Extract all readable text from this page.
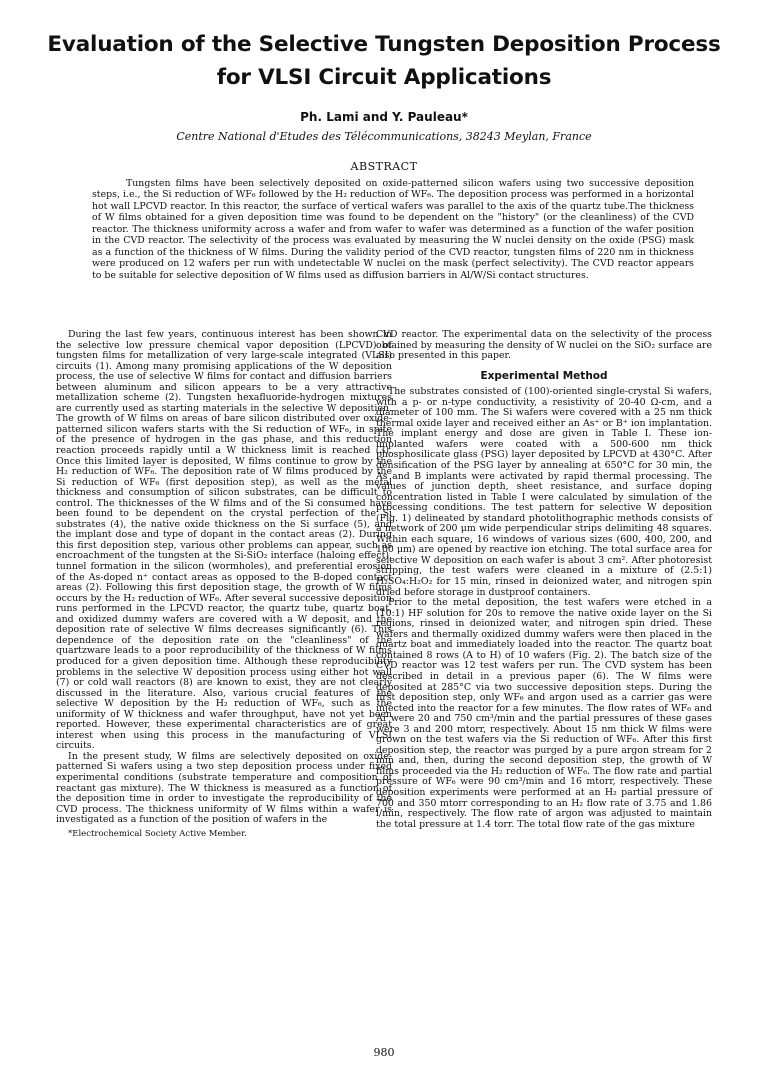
Evaluation of the Selective Tungsten Deposition Process for VLSI Circuit Applications
Ph. Lami and Y. Pauleau*
Centre National d'Etudes des Télécommunications, 38243 Meylan, France
ABSTRACT

Tungsten films have been selectively deposited on oxide-patterned silicon wafers using two successive deposition steps, i.e., the Si reduction of WF₆ followed by the H₂ reduction of WF₆. The deposition process was performed in a horizontal hot wall LPCVD reactor. In this reactor, the surface of vertical wafers was parallel to the axis of the quartz tube.The thickness of W films obtained for a given deposition time was found to be dependent on the "history" (or the cleanliness) of the CVD reactor. The thickness uniformity across a wafer and from wafer to wafer was determined as a function of the wafer position in the CVD reactor. The selectivity of the process was evaluated by measuring the W nuclei density on the oxide (PSG) mask as a function of the thickness of W films. During the validity period of the CVD reactor, tungsten films of 220 nm in thickness were produced on 12 wafers per run with undetectable W nuclei on the mask (perfect selectivity). The CVD reactor appears to be suitable for selective deposition of W films used as diffusion barriers in Al/W/Si contact structures.

During the last few years, continuous interest has been shown in the selective low pressure chemical vapor deposition (LPCVD) of tungsten films for metallization of very large-scale integrated (VLSI) circuits (1). Among many promising applications of the W deposition process, the use of selective W films for contact and diffusion barriers between aluminum and silicon appears to be a very attractive metallization scheme (2). Tungsten hexafluoride-hydrogen mixtures are currently used as starting materials in the selective W deposition. The growth of W films on areas of bare silicon distributed over oxide-patterned silicon wafers starts with the Si reduction of WF₆, in spite of the presence of hydrogen in the gas phase, and this reduction reaction proceeds rapidly until a W thickness limit is reached (3). Once this limited layer is deposited, W films continue to grow by the H₂ reduction of WF₆. The deposition rate of W films produced by the Si reduction of WF₆ (first deposition step), as well as the metal thickness and consumption of silicon substrates, can be difficult to control. The thicknesses of the W films and of the Si consumed have been found to be dependent on the crystal perfection of the Si substrates (4), the native oxide thickness on the Si surface (5), and the implant dose and type of dopant in the contact areas (2). During this first deposition step, various other problems can appear, such as encroachment of the tungsten at the Si-SiO₂ interface (haloing effect), tunnel formation in the silicon (wormholes), and preferential erosion of the As-doped n⁺ contact areas as opposed to the B-doped contact areas (2). Following this first deposition stage, the growth of W films occurs by the H₂ reduction of WF₆. After several successive deposition runs performed in the LPCVD reactor, the quartz tube, quartz boat, and oxidized dummy wafers are covered with a W deposit, and the deposition rate of selective W films decreases significantly (6). This dependence of the deposition rate on the "cleanliness" of the quartzware leads to a poor reproducibility of the thickness of W films produced for a given deposition time. Although these reproducibility problems in the selective W deposition process using either hot wall (7) or cold wall reactors (8) are known to exist, they are not clearly discussed in the literature. Also, various crucial features of the selective W deposition by the H₂ reduction of WF₆, such as the uniformity of W thickness and wafer throughput, have not yet been reported. However, these experimental characteristics are of great interest when using this process in the manufacturing of VLSI circuits.

In the present study, W films are selectively deposited on oxide-patterned Si wafers using a two step deposition process under fixed experimental conditions (substrate temperature and composition of reactant gas mixture). The W thickness is measured as a function of the deposition time in order to investigate the reproducibility of the CVD process. The thickness uniformity of W films within a wafer is investigated as a function of the position of wafers in the

*Electrochemical Society Active Member.

CVD reactor. The experimental data on the selectivity of the process obtained by measuring the density of W nuclei on the SiO₂ surface are also presented in this paper.

Experimental Method

The substrates consisted of (100)-oriented single-crystal Si wafers, with a p- or n-type conductivity, a resistivity of 20-40 Ω-cm, and a diameter of 100 mm. The Si wafers were covered with a 25 nm thick thermal oxide layer and received either an As⁺ or B⁺ ion implantation. The implant energy and dose are given in Table I. These ion-implanted wafers were coated with a 500-600 nm thick phosphosilicate glass (PSG) layer deposited by LPCVD at 430°C. After densification of the PSG layer by annealing at 650°C for 30 min, the As and B implants were activated by rapid thermal processing. The values of junction depth, sheet resistance, and surface doping concentration listed in Table I were calculated by simulation of the processing conditions. The test pattern for selective W deposition (Fig. 1) delineated by standard photolithographic methods consists of a network of 200 μm wide perpendicular strips delimiting 48 squares. Within each square, 16 windows of various sizes (600, 400, 200, and 100 μm) are opened by reactive ion etching. The total surface area for selective W deposition on each wafer is about 3 cm². After photoresist stripping, the test wafers were cleaned in a mixture of (2.5:1) H₂SO₄:H₂O₂ for 15 min, rinsed in deionized water, and nitrogen spin dried before storage in dustproof containers.

Prior to the metal deposition, the test wafers were etched in a (10:1) HF solution for 20s to remove the native oxide layer on the Si regions, rinsed in deionized water, and nitrogen spin dried. These wafers and thermally oxidized dummy wafers were then placed in the quartz boat and immediately loaded into the reactor. The quartz boat contained 8 rows (A to H) of 10 wafers (Fig. 2). The batch size of the CVD reactor was 12 test wafers per run. The CVD system has been described in detail in a previous paper (6). The W films were deposited at 285°C via two successive deposition steps. During the first deposition step, only WF₆ and argon used as a carrier gas were injected into the reactor for a few minutes. The flow rates of WF₆ and Ar were 20 and 750 cm³/min and the partial pressures of these gases were 3 and 200 mtorr, respectively. About 15 nm thick W films were grown on the test wafers via the Si reduction of WF₆. After this first deposition step, the reactor was purged by a pure argon stream for 2 min and, then, during the second deposition step, the growth of W films proceeded via the H₂ reduction of WF₆. The flow rate and partial pressure of WF₆ were 90 cm³/min and 16 mtorr, respectively. These deposition experiments were performed at an H₂ partial pressure of 700 and 350 mtorr corresponding to an H₂ flow rate of 3.75 and 1.86 l/min, respectively. The flow rate of argon was adjusted to maintain the total pressure at 1.4 torr. The total flow rate of the gas mixture

980
